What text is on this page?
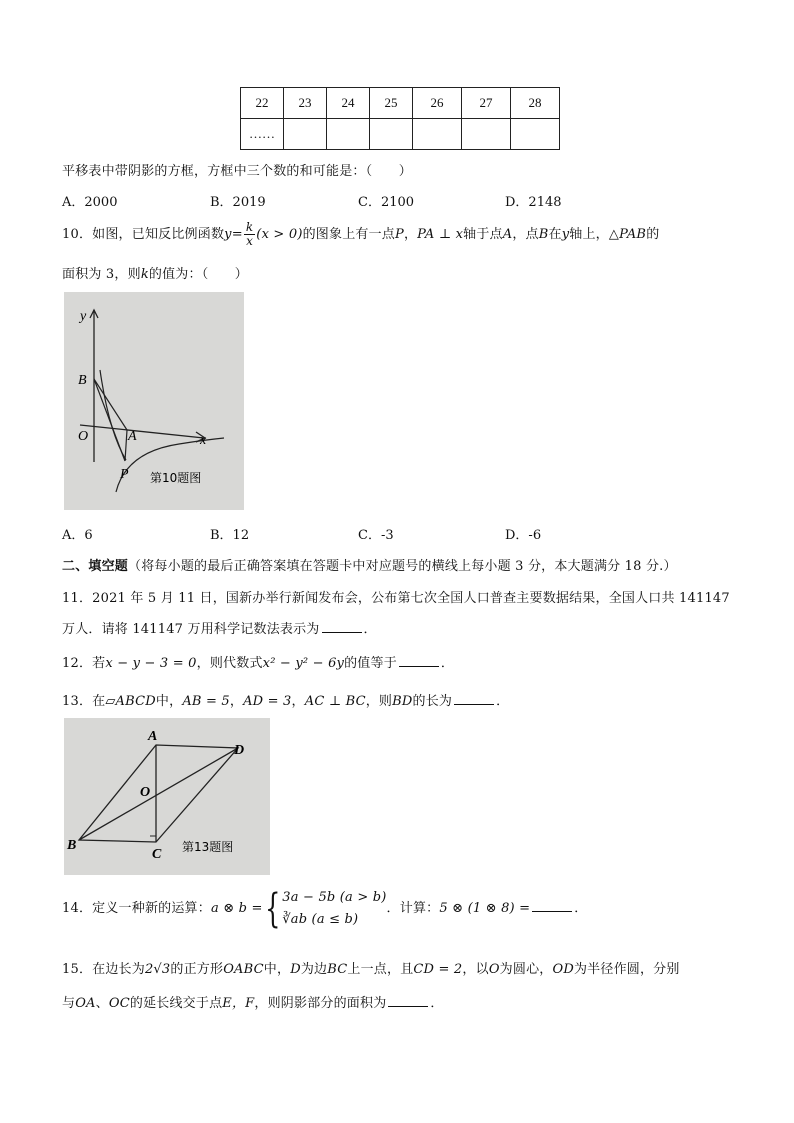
22	23	24	25	26	27	28
……						
平移表中带阴影的方框，方框中三个数的和可能是：（　　）
A．2000	B．2019	C．2100	D．2148
10．如图，已知反比例函数$y= \frac{k}{x} (x > 0)$的图象上有一点P，PA ⊥ x轴于点A，点B在y轴上，△PAB的
面积为 3，则k的值为：（　　）
y
B
O	A	x
P 第10题图
A．6	B．12	C．-3	D．-6
二、填空题（将每小题的最后正确答案填在答题卡中对应题号的横线上每小题 3 分，本大题满分 18 分.）
11．2021 年 5 月 11 日，国新办举行新闻发布会，公布第七次全国人口普查主要数据结果，全国人口共 141147
万人．请将 141147 万用科学记数法表示为	．
12．若x − y − 3 = 0，则代数式x² − y² − 6y的值等于	．
13．在▱ABCD中，AB = 5，AD = 3，AC ⊥ BC，则BD的长为	．
A
D
O
B
C 第13题图
14．定义一种新的运算：a ⊗ b ={ 3a − 5b (a > b)
∛ab (a ≤ b)
．计算：5 ⊗ (1 ⊗ 8) =	．
15．在边长为2√3的正方形OABC中，D为边BC上一点，且CD = 2，以O为圆心，OD为半径作圆，分别
与OA、OC的延长线交于点E，F，则阴影部分的面积为	．
